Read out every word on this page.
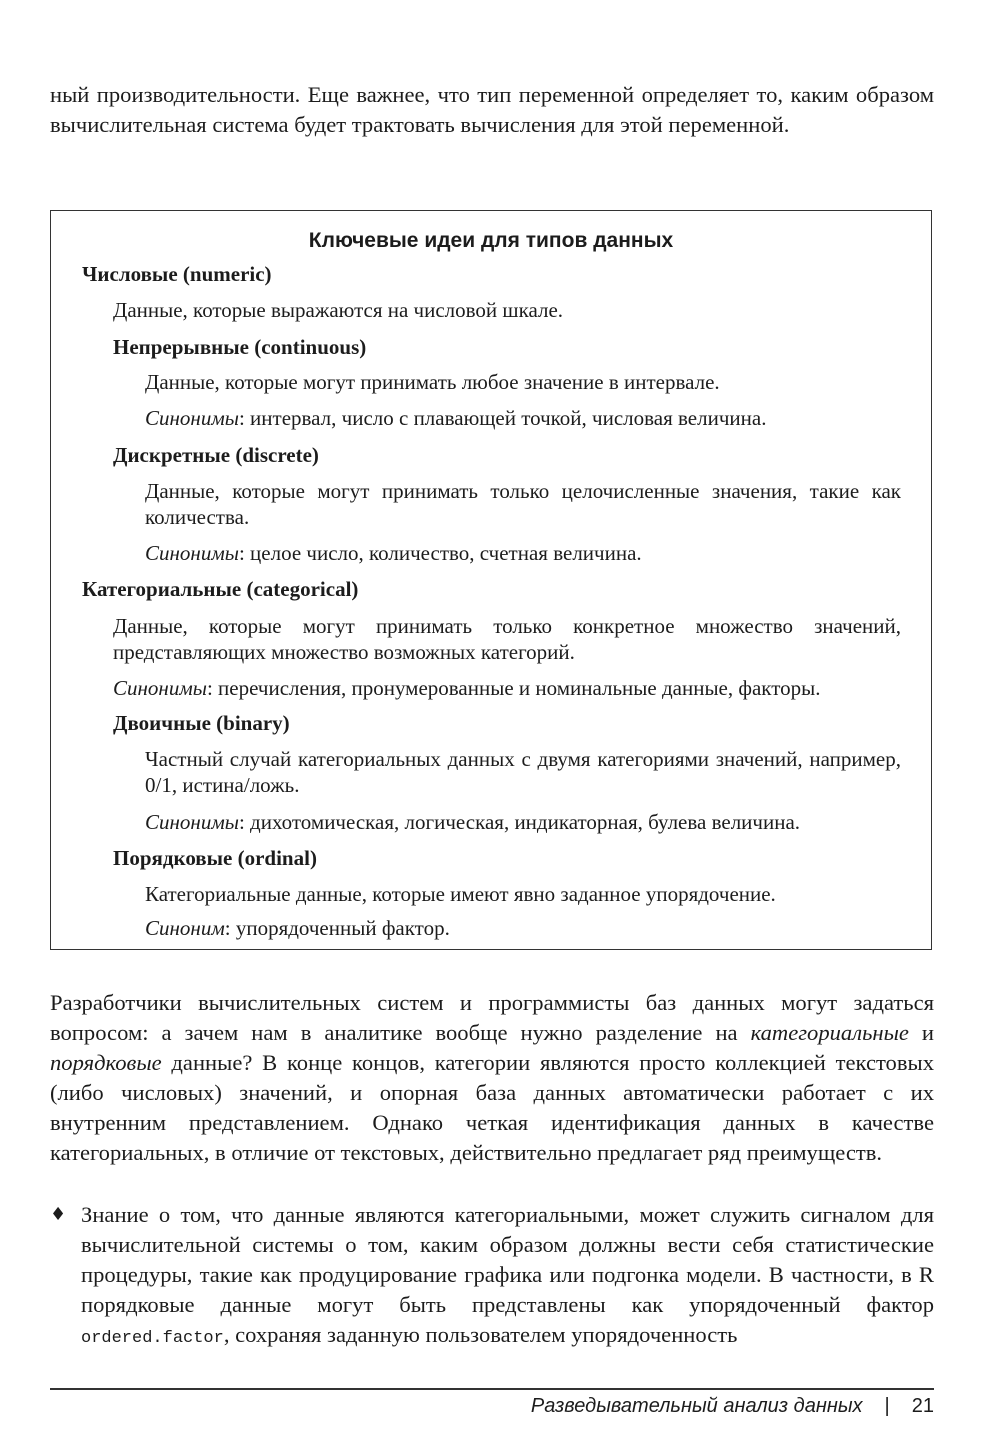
ный производительности. Еще важнее, что тип переменной определяет то, каким образом вычислительная система будет трактовать вычисления для этой переменной.

Ключевые идеи для типов данных

Числовые (numeric)

Данные, которые выражаются на числовой шкале.

Непрерывные (continuous)

Данные, которые могут принимать любое значение в интервале.

Синонимы: интервал, число с плавающей точкой, числовая величина.

Дискретные (discrete)

Данные, которые могут принимать только целочисленные значения, такие как количества.

Синонимы: целое число, количество, счетная величина.

Категориальные (categorical)

Данные, которые могут принимать только конкретное множество значений, представляющих множество возможных категорий.

Синонимы: перечисления, пронумерованные и номинальные данные, факторы.

Двоичные (binary)

Частный случай категориальных данных с двумя категориями значений, например, 0/1, истина/ложь.

Синонимы: дихотомическая, логическая, индикаторная, булева величина.

Порядковые (ordinal)

Категориальные данные, которые имеют явно заданное упорядочение.

Синоним: упорядоченный фактор.

Разработчики вычислительных систем и программисты баз данных могут задаться вопросом: а зачем нам в аналитике вообще нужно разделение на категориальные и порядковые данные? В конце концов, категории являются просто коллекцией текстовых (либо числовых) значений, и опорная база данных автоматически работает с их внутренним представлением. Однако четкая идентификация данных в качестве категориальных, в отличие от текстовых, действительно предлагает ряд преимуществ.

♦ Знание о том, что данные являются категориальными, может служить сигналом для вычислительной системы о том, каким образом должны вести себя статистические процедуры, такие как продуцирование графика или подгонка модели. В частности, в R порядковые данные могут быть представлены как упорядоченный фактор ordered.factor, сохраняя заданную пользователем упорядоченность

Разведывательный анализ данных | 21
